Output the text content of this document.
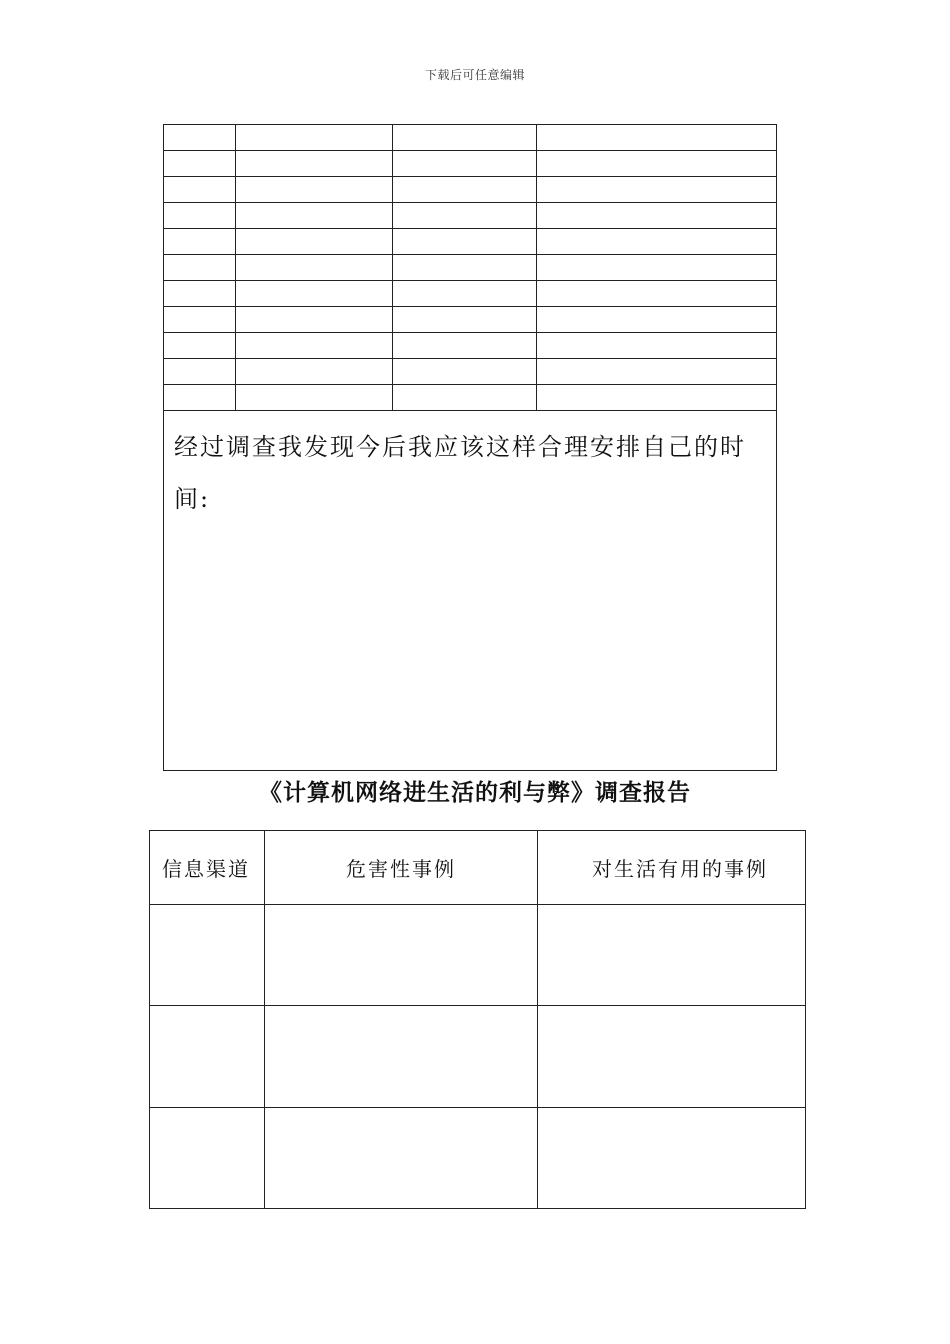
下载后可任意编辑

经过调查我发现今后我应该这样合理安排自己的时间:			
《计算机网络进生活的利与弊》调查报告
信息渠道	危害性事例	对生活有用的事例
